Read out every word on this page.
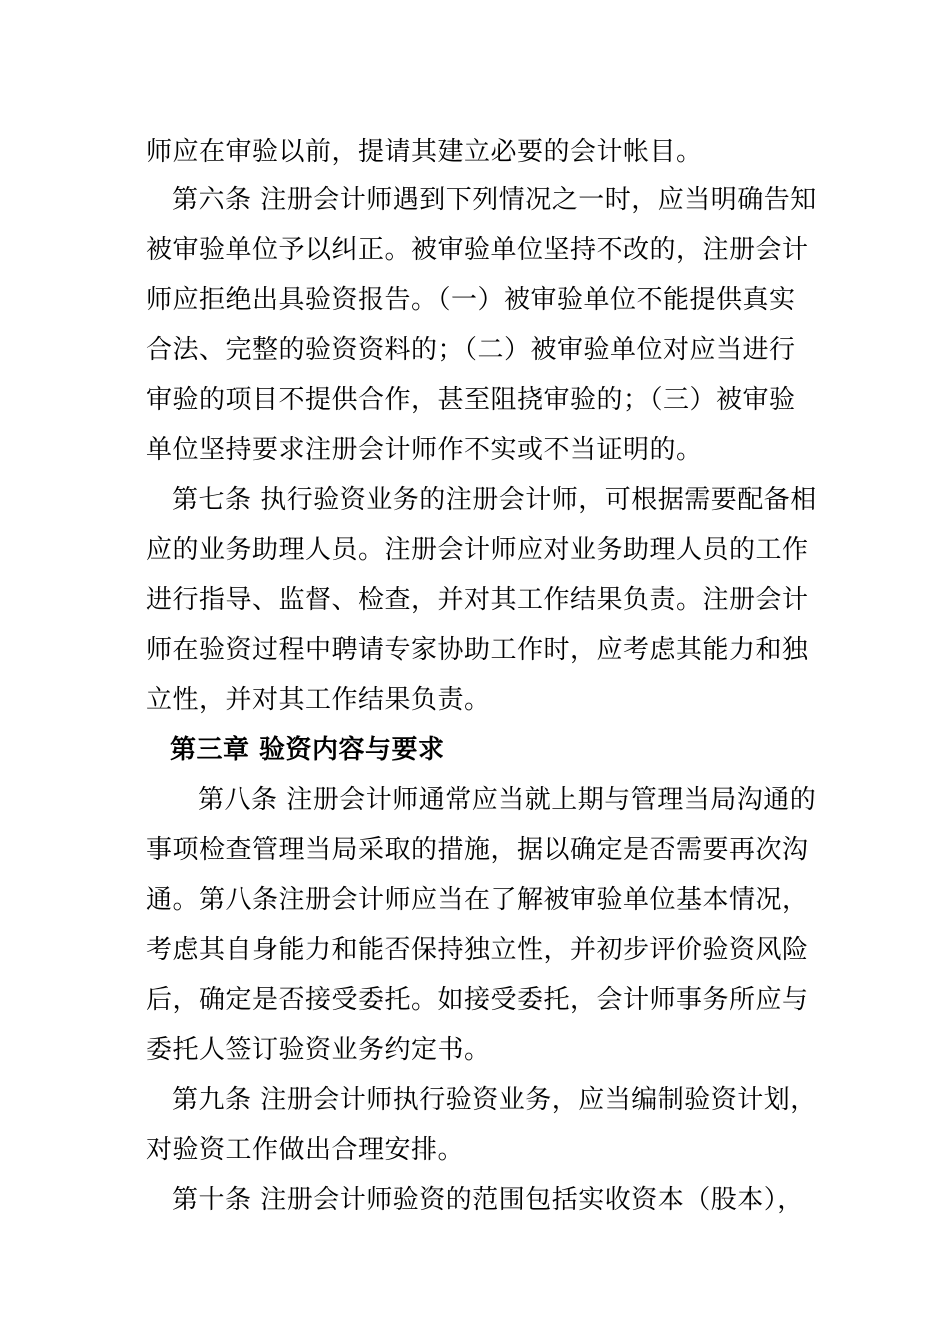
师应在审验以前，提请其建立必要的会计帐目。
第六条 注册会计师遇到下列情况之一时，应当明确告知
被审验单位予以纠正。被审验单位坚持不改的，注册会计
师应拒绝出具验资报告。（一）被审验单位不能提供真实
合法、完整的验资资料的；（二）被审验单位对应当进行
审验的项目不提供合作，甚至阻挠审验的；（三）被审验
单位坚持要求注册会计师作不实或不当证明的。
第七条 执行验资业务的注册会计师，可根据需要配备相
应的业务助理人员。注册会计师应对业务助理人员的工作
进行指导、监督、检查，并对其工作结果负责。注册会计
师在验资过程中聘请专家协助工作时，应考虑其能力和独
立性，并对其工作结果负责。
第三章 验资内容与要求
第八条 注册会计师通常应当就上期与管理当局沟通的
事项检查管理当局采取的措施，据以确定是否需要再次沟
通。第八条注册会计师应当在了解被审验单位基本情况，
考虑其自身能力和能否保持独立性，并初步评价验资风险
后，确定是否接受委托。如接受委托，会计师事务所应与
委托人签订验资业务约定书。
第九条 注册会计师执行验资业务，应当编制验资计划，
对验资工作做出合理安排。
第十条 注册会计师验资的范围包括实收资本（股本），
